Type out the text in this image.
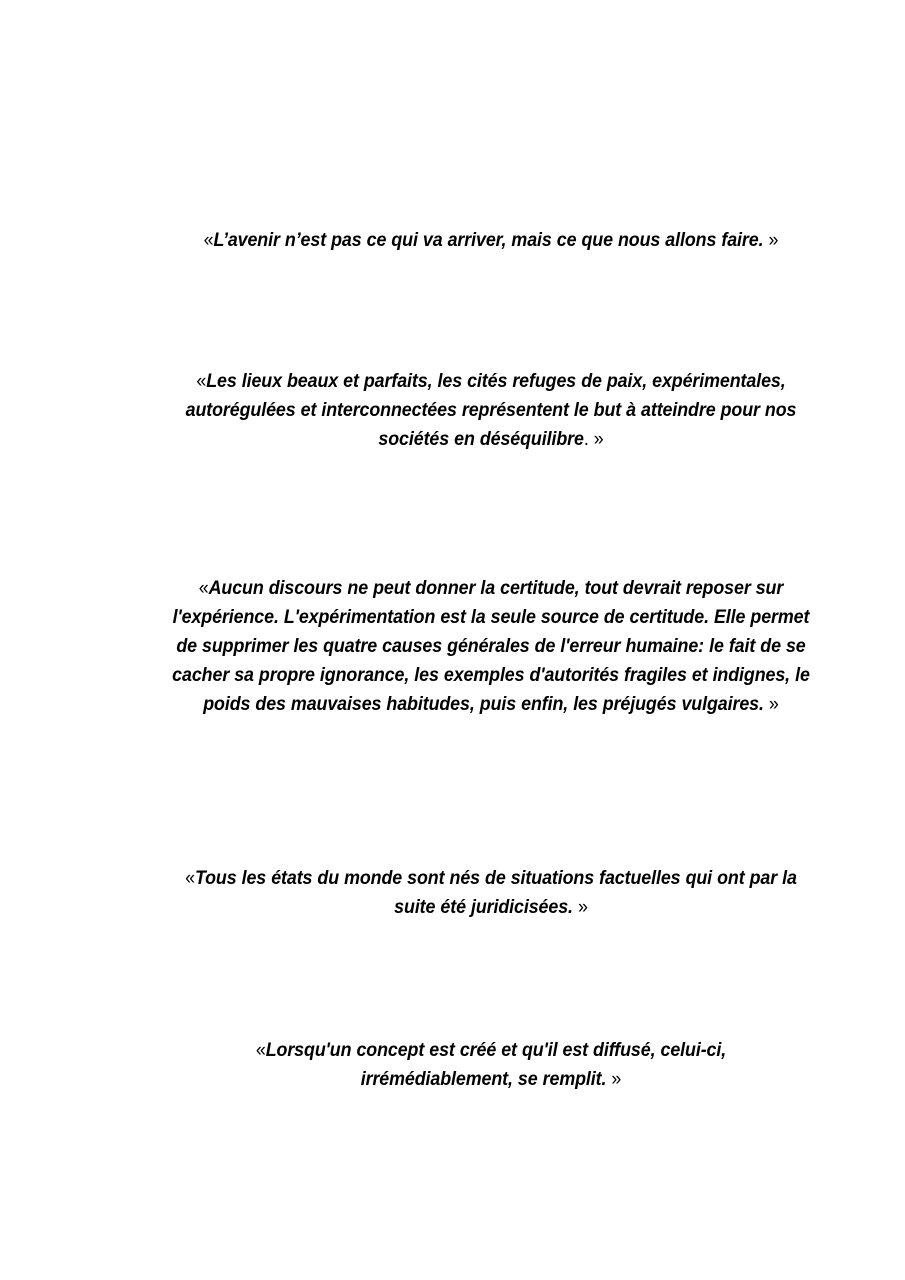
«L’avenir n’est pas ce qui va arriver, mais ce que nous allons faire. »
«Les lieux beaux et parfaits, les cités refuges de paix, expérimentales, autorégulées et interconnectées représentent le but à atteindre pour nos sociétés en déséquilibre. »
«Aucun discours ne peut donner la certitude, tout devrait reposer sur l'expérience. L'expérimentation est la seule source de certitude. Elle permet de supprimer les quatre causes générales de l'erreur humaine: le fait de se cacher sa propre ignorance, les exemples d'autorités fragiles et indignes, le poids des mauvaises habitudes, puis enfin, les préjugés vulgaires. »
«Tous les états du monde sont nés de situations factuelles qui ont par la suite été juridicisées. »
«Lorsqu'un concept est créé et qu'il est diffusé, celui-ci, irrémédiablement, se remplit. »
